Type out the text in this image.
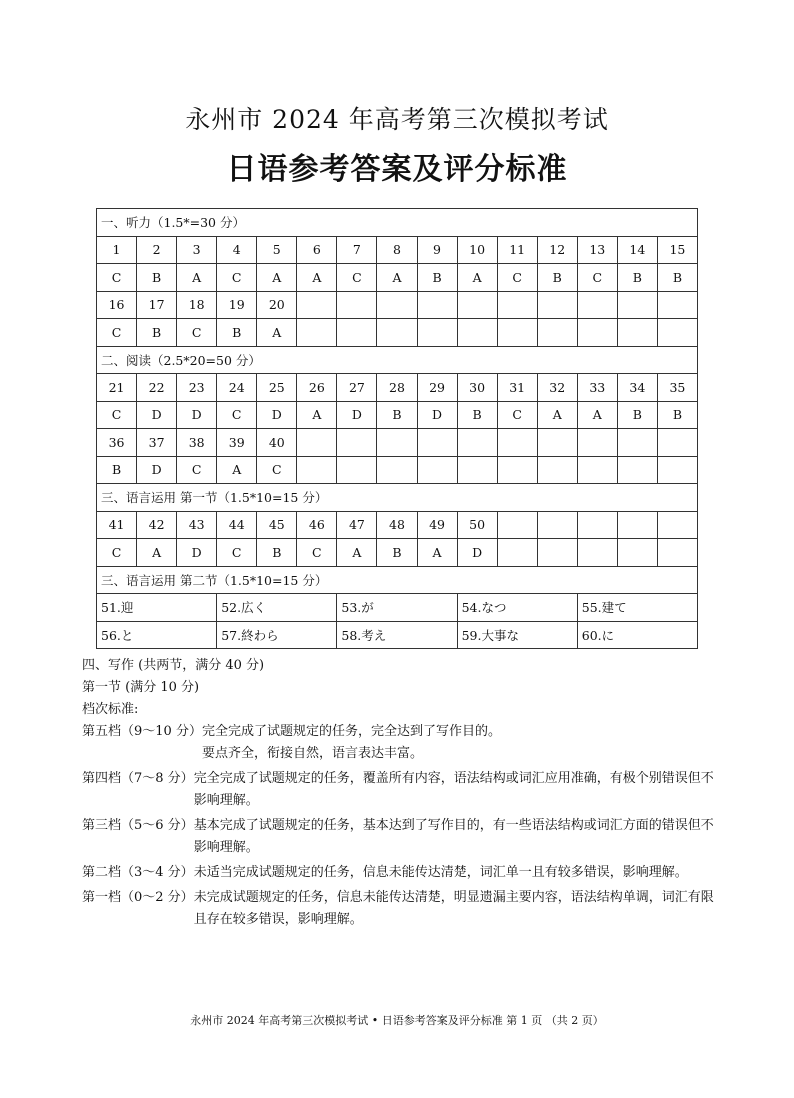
永州市 2024 年高考第三次模拟考试
日语参考答案及评分标准
一、听力（1.5*=30 分）														
1	2	3	4	5	6	7	8	9	10	11	12	13	14	15
C	B	A	C	A	A	C	A	B	A	C	B	C	B	B
16	17	18	19	20										
C	B	C	B	A										
二、阅读（2.5*20=50 分）														
21	22	23	24	25	26	27	28	29	30	31	32	33	34	35
C	D	D	C	D	A	D	B	D	B	C	A	A	B	B
36	37	38	39	40										
B	D	C	A	C										
三、语言运用 第一节（1.5*10=15 分）														
41	42	43	44	45	46	47	48	49	50					
C	A	D	C	B	C	A	B	A	D					
三、语言运用 第二节（1.5*10=15 分）														
51.迎			52.広く			53.が			54.なつ			55.建て		
56.と			57.終わら			58.考え			59.大事な			60.に		

四、写作 (共两节，满分 40 分)

第一节 (满分 10 分)

档次标准:

第五档（9～10 分） 完全完成了试题规定的任务，完全达到了写作目的。
要点齐全，衔接自然，语言表达丰富。
第四档（7～8 分） 完全完成了试题规定的任务，覆盖所有内容，语法结构或词汇应用准确，有极个别错误但不影响理解。
第三档（5～6 分） 基本完成了试题规定的任务，基本达到了写作目的，有一些语法结构或词汇方面的错误但不影响理解。
第二档（3～4 分） 未适当完成试题规定的任务，信息未能传达清楚，词汇单一且有较多错误，影响理解。
第一档（0～2 分） 未完成试题规定的任务，信息未能传达清楚，明显遗漏主要内容，语法结构单调，词汇有限且存在较多错误，影响理解。
永州市 2024 年高考第三次模拟考试 • 日语参考答案及评分标准 第 1 页 （共 2 页）
